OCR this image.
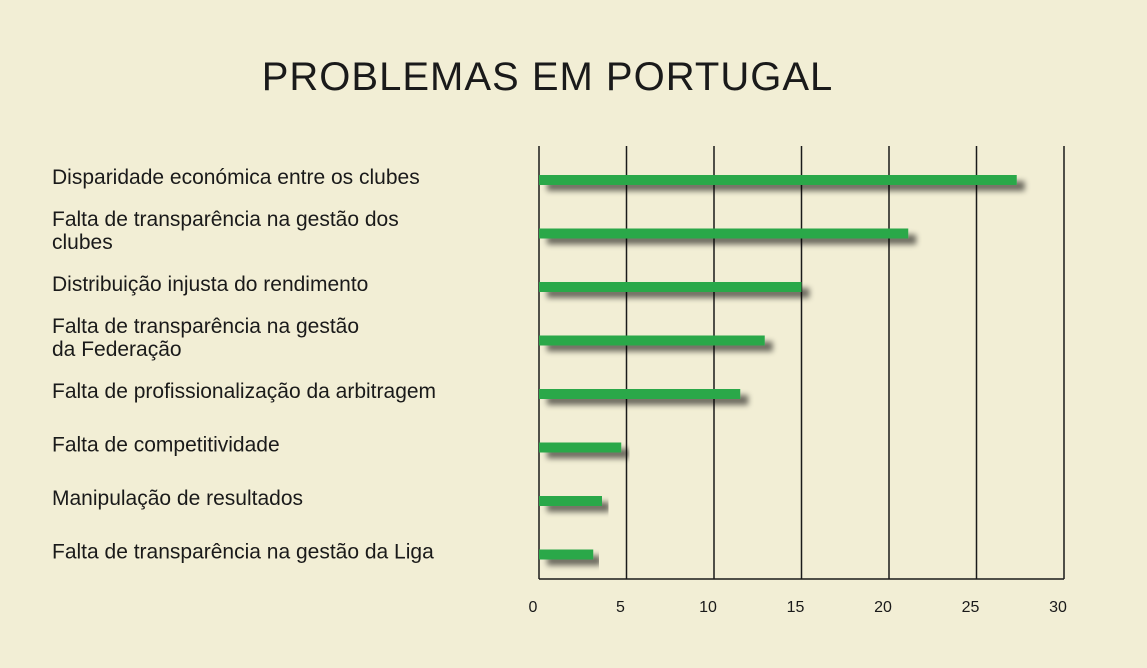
PROBLEMAS EM PORTUGAL
Disparidade económica entre os clubes
Falta de transparência na gestão dos clubes
Distribuição injusta do rendimento
Falta de transparência na gestão da Federação
Falta de profissionalização da arbitragem
Falta de competitividade
Manipulação de resultados
Falta de transparência na gestão da Liga
0	5	10	15	20	25	30
